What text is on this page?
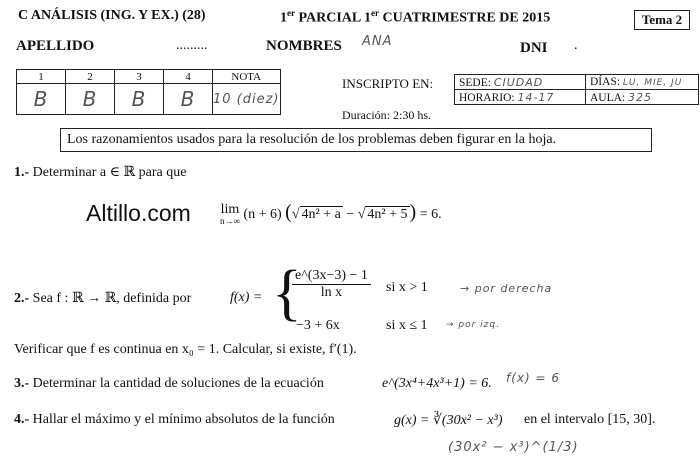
C ANÁLISIS (ING. Y EX.) (28)	1er PARCIAL 1er CUATRIMESTRE DE 2015	Tema 2
APELLIDO	.........	NOMBRES ANA	DNI .
1	2	3	4	NOTA
B	B	B	B	10 (diez)
INSCRIPTO EN:
Duración: 2:30 hs.
SEDE: CIUDAD	DÍAS: LU, MIE, JU
HORARIO: 14-17	AULA: 325
Los razonamientos usados para la resolución de los problemas deben figurar en la hoja.
1.- Determinar a ∈ ℝ para que
Altillo.com lim
n→∞ (n + 6) (√ 4n² + a − √ 4n² + 5 ) = 6.
2.- Sea f : ℝ → ℝ, definida por	f(x) = {
$\frac{e\^{}(3x-3) - 1}{\text{ln x}}$ si x > 1	→ por derecha
−3 + 6x	si x ≤ 1 → por izq.
Verificar que f es continua en x₀ = 1. Calcular, si existe, f′(1).
3.- Determinar la cantidad de soluciones de la ecuación	e^(3x⁴+4x³+1) = 6. f(x) = 6
4.- Hallar el máximo y el mínimo absolutos de la función	g(x) = ∛(30x² − x³) en el intervalo [15, 30].
(30x² − x³)^(1/3)
